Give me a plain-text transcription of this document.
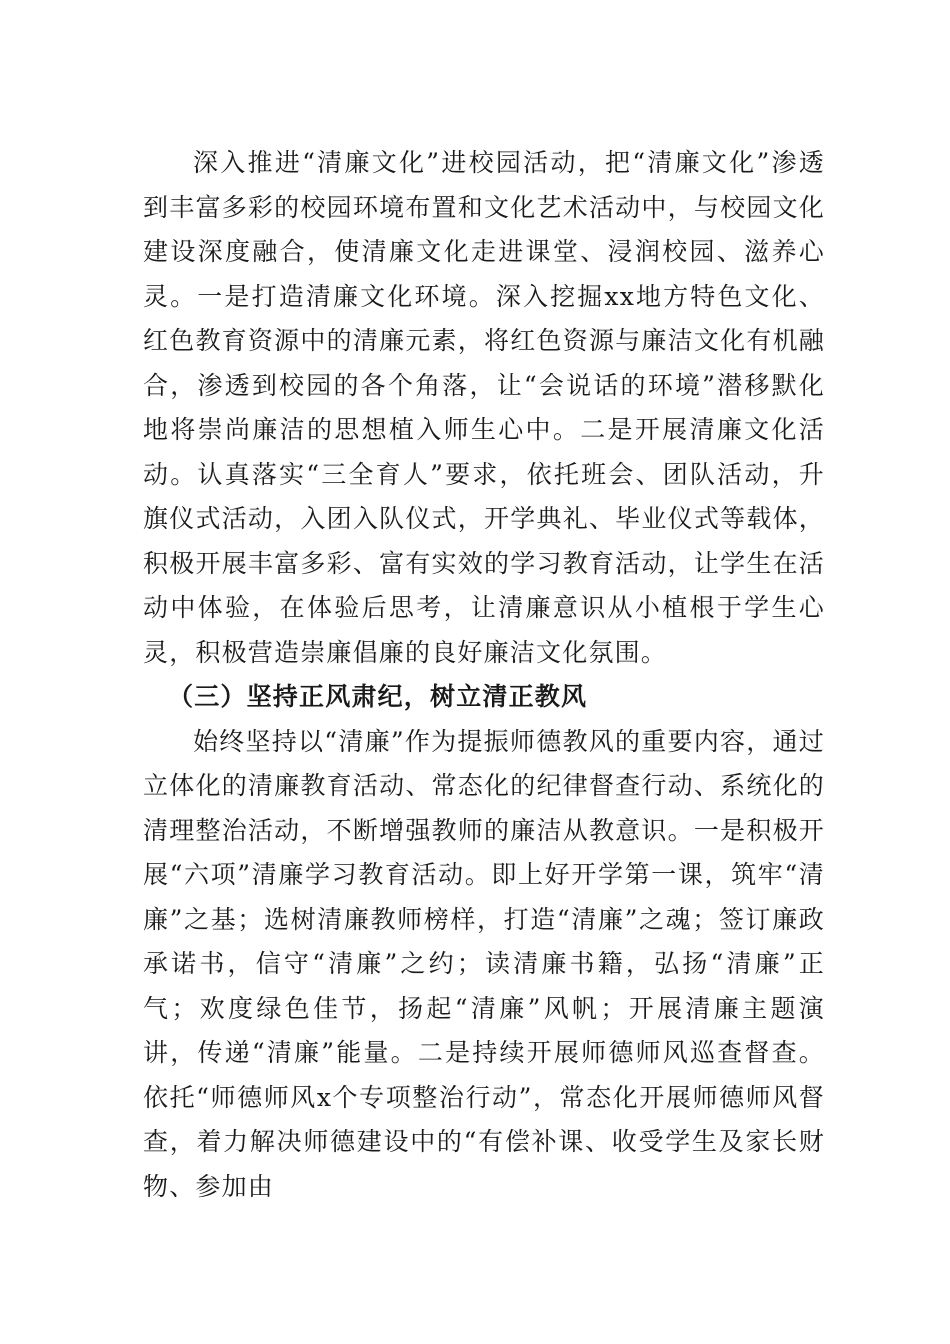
深入推进“清廉文化”进校园活动，把“清廉文化”渗透到丰富多彩的校园环境布置和文化艺术活动中，与校园文化建设深度融合，使清廉文化走进课堂、浸润校园、滋养心灵。一是打造清廉文化环境。深入挖掘xx地方特色文化、红色教育资源中的清廉元素，将红色资源与廉洁文化有机融合，渗透到校园的各个角落，让“会说话的环境”潜移默化地将崇尚廉洁的思想植入师生心中。二是开展清廉文化活动。认真落实“三全育人”要求，依托班会、团队活动，升旗仪式活动，入团入队仪式，开学典礼、毕业仪式等载体，积极开展丰富多彩、富有实效的学习教育活动，让学生在活动中体验，在体验后思考，让清廉意识从小植根于学生心灵，积极营造崇廉倡廉的良好廉洁文化氛围。

（三）坚持正风肃纪，树立清正教风

始终坚持以“清廉”作为提振师德教风的重要内容，通过立体化的清廉教育活动、常态化的纪律督查行动、系统化的清理整治活动，不断增强教师的廉洁从教意识。一是积极开展“六项”清廉学习教育活动。即上好开学第一课，筑牢“清廉”之基；选树清廉教师榜样，打造“清廉”之魂；签订廉政承诺书，信守“清廉”之约；读清廉书籍，弘扬“清廉”正气；欢度绿色佳节，扬起“清廉”风帆；开展清廉主题演讲，传递“清廉”能量。二是持续开展师德师风巡查督查。依托“师德师风x个专项整治行动”，常态化开展师德师风督查，着力解决师德建设中的“有偿补课、收受学生及家长财物、参加由
